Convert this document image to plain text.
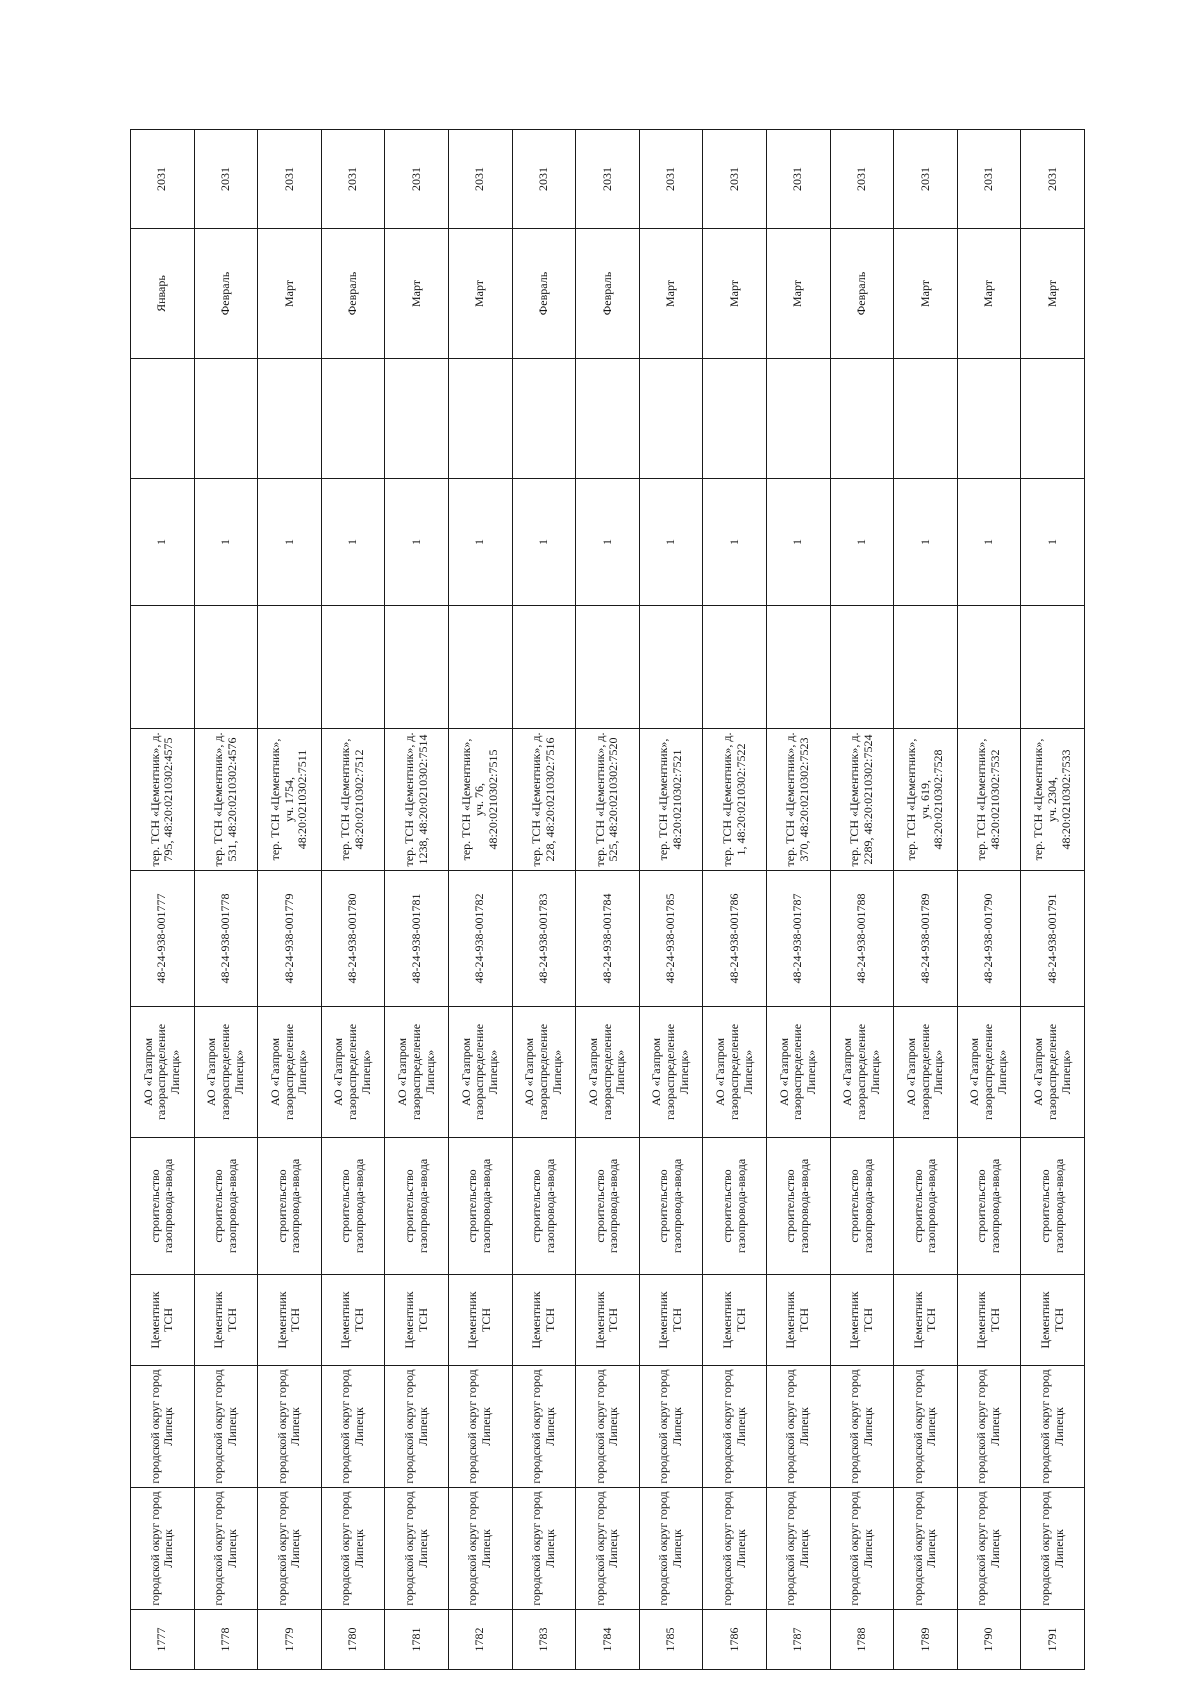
1777	городской округ город Липецк	городской округ город Липецк	Цементник ТСН	строительство газопровода-ввода	АО «Газпром газораспределение Липецк»	48-24-938-001777	тер. ТСН «Цементник», д. 795, 48:20:0210302:4575		1		Январь	2031
1778	городской округ город Липецк	городской округ город Липецк	Цементник ТСН	строительство газопровода-ввода	АО «Газпром газораспределение Липецк»	48-24-938-001778	тер. ТСН «Цементник», д. 531, 48:20:0210302:4576		1		Февраль	2031
1779	городской округ город Липецк	городской округ город Липецк	Цементник ТСН	строительство газопровода-ввода	АО «Газпром газораспределение Липецк»	48-24-938-001779	тер. ТСН «Цементник», уч. 1754, 48:20:0210302:7511		1		Март	2031
1780	городской округ город Липецк	городской округ город Липецк	Цементник ТСН	строительство газопровода-ввода	АО «Газпром газораспределение Липецк»	48-24-938-001780	тер. ТСН «Цементник», 48:20:0210302:7512		1		Февраль	2031
1781	городской округ город Липецк	городской округ город Липецк	Цементник ТСН	строительство газопровода-ввода	АО «Газпром газораспределение Липецк»	48-24-938-001781	тер. ТСН «Цементник», д. 1238, 48:20:0210302:7514		1		Март	2031
1782	городской округ город Липецк	городской округ город Липецк	Цементник ТСН	строительство газопровода-ввода	АО «Газпром газораспределение Липецк»	48-24-938-001782	тер. ТСН «Цементник», уч. 76, 48:20:0210302:7515		1		Март	2031
1783	городской округ город Липецк	городской округ город Липецк	Цементник ТСН	строительство газопровода-ввода	АО «Газпром газораспределение Липецк»	48-24-938-001783	тер. ТСН «Цементник», д. 228, 48:20:0210302:7516		1		Февраль	2031
1784	городской округ город Липецк	городской округ город Липецк	Цементник ТСН	строительство газопровода-ввода	АО «Газпром газораспределение Липецк»	48-24-938-001784	тер. ТСН «Цементник», д. 525, 48:20:0210302:7520		1		Февраль	2031
1785	городской округ город Липецк	городской округ город Липецк	Цементник ТСН	строительство газопровода-ввода	АО «Газпром газораспределение Липецк»	48-24-938-001785	тер. ТСН «Цементник», 48:20:0210302:7521		1		Март	2031
1786	городской округ город Липецк	городской округ город Липецк	Цементник ТСН	строительство газопровода-ввода	АО «Газпром газораспределение Липецк»	48-24-938-001786	тер. ТСН «Цементник», д. 1, 48:20:0210302:7522		1		Март	2031
1787	городской округ город Липецк	городской округ город Липецк	Цементник ТСН	строительство газопровода-ввода	АО «Газпром газораспределение Липецк»	48-24-938-001787	тер. ТСН «Цементник», д. 370, 48:20:0210302:7523		1		Март	2031
1788	городской округ город Липецк	городской округ город Липецк	Цементник ТСН	строительство газопровода-ввода	АО «Газпром газораспределение Липецк»	48-24-938-001788	тер. ТСН «Цементник», д. 2289, 48:20:0210302:7524		1		Февраль	2031
1789	городской округ город Липецк	городской округ город Липецк	Цементник ТСН	строительство газопровода-ввода	АО «Газпром газораспределение Липецк»	48-24-938-001789	тер. ТСН «Цементник», уч. 619, 48:20:0210302:7528		1		Март	2031
1790	городской округ город Липецк	городской округ город Липецк	Цементник ТСН	строительство газопровода-ввода	АО «Газпром газораспределение Липецк»	48-24-938-001790	тер. ТСН «Цементник», 48:20:0210302:7532		1		Март	2031
1791	городской округ город Липецк	городской округ город Липецк	Цементник ТСН	строительство газопровода-ввода	АО «Газпром газораспределение Липецк»	48-24-938-001791	тер. ТСН «Цементник», уч. 2304, 48:20:0210302:7533		1		Март	2031
